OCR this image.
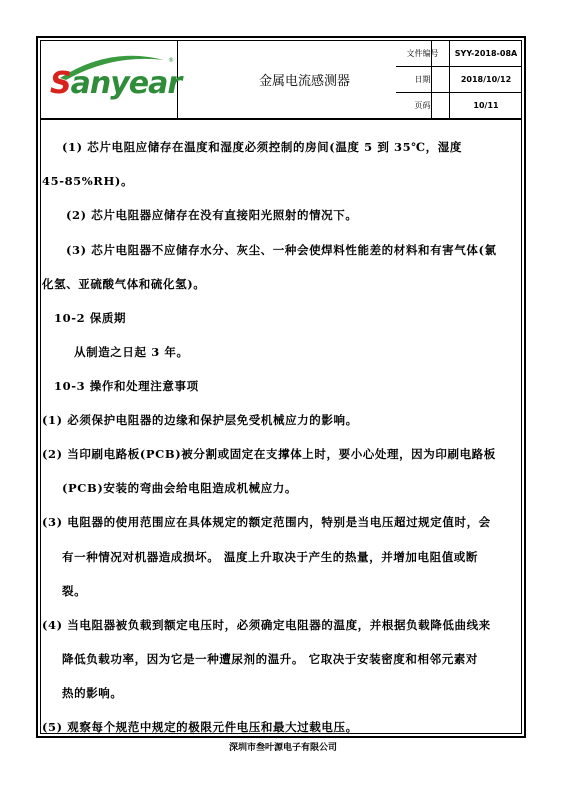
Sanyear
®
金属电流感测器
文件编号	SYY-2018-08A
日期	2018/10/12
页码	10/11
(1) 芯片电阻应储存在温度和湿度必须控制的房间(温度 5 到 35℃，湿度
45-85%RH)。
(2) 芯片电阻器应储存在没有直接阳光照射的情况下。
(3) 芯片电阻器不应储存水分、灰尘、一种会使焊料性能差的材料和有害气体(氯
化氢、亚硫酸气体和硫化氢)。
10-2 保质期
从制造之日起 3 年。
10-3 操作和处理注意事项
(1) 必须保护电阻器的边缘和保护层免受机械应力的影响。
(2) 当印刷电路板(PCB)被分割或固定在支撑体上时，要小心处理，因为印刷电路板
(PCB)安装的弯曲会给电阻造成机械应力。
(3) 电阻器的使用范围应在具体规定的额定范围内，特别是当电压超过规定值时，会
有一种情况对机器造成损坏。 温度上升取决于产生的热量，并增加电阻值或断
裂。
(4) 当电阻器被负载到额定电压时，必须确定电阻器的温度，并根据负载降低曲线来
降低负载功率，因为它是一种遭尿剂的温升。 它取决于安装密度和相邻元素对
热的影响。
(5) 观察每个规范中规定的极限元件电压和最大过载电压。
深圳市叁叶源电子有限公司
